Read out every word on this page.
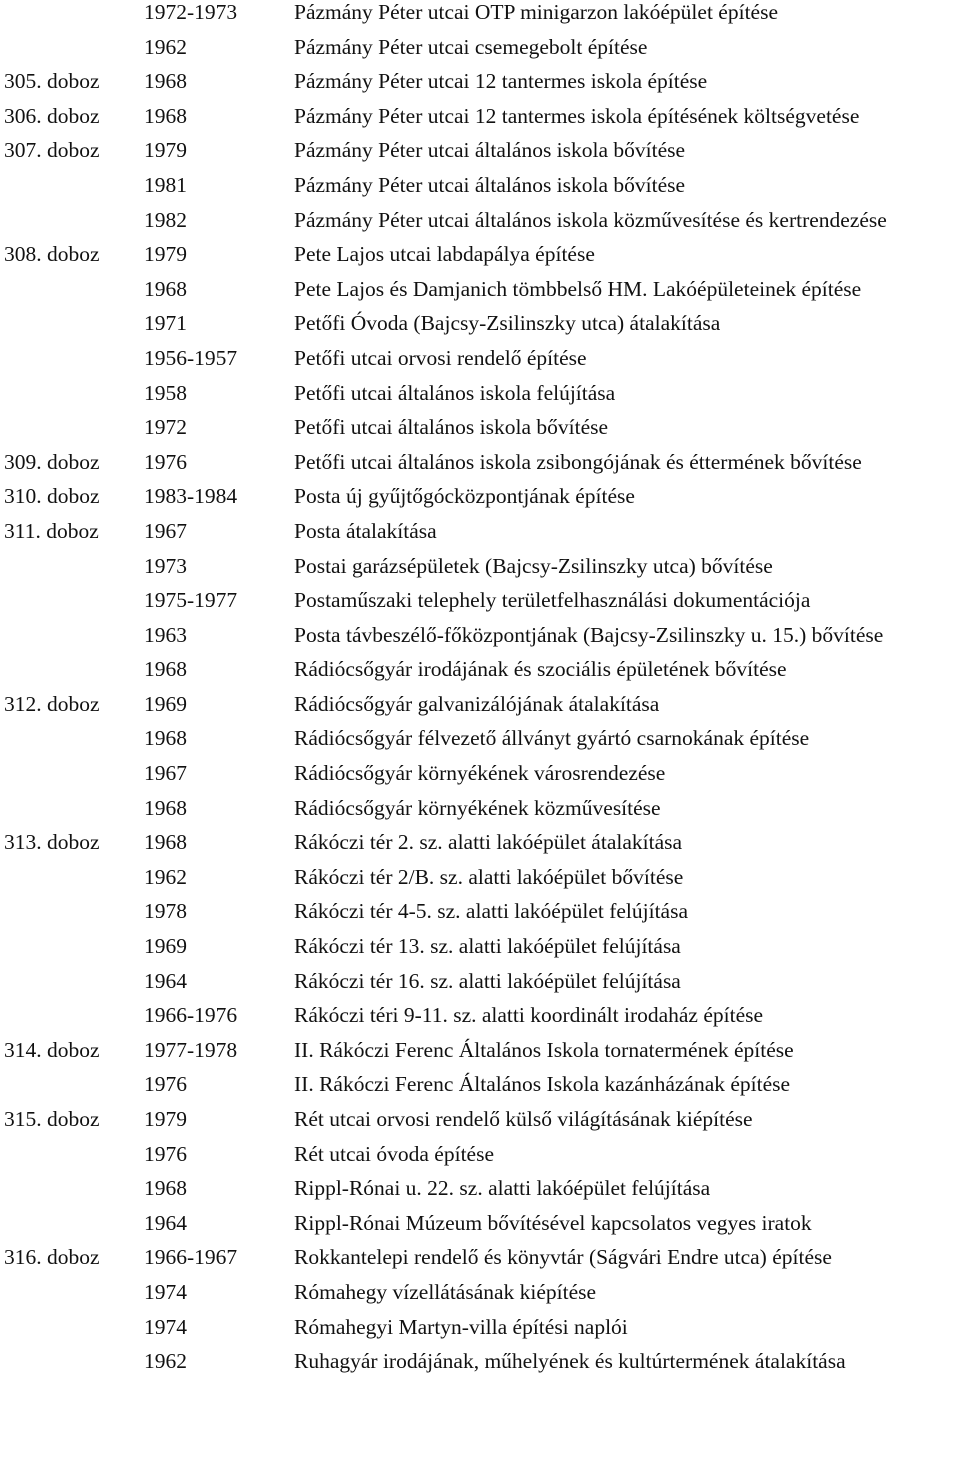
1972-1973	Pázmány Péter utcai OTP minigarzon lakóépület építése
1962	Pázmány Péter utcai csemegebolt építése
305. doboz	1968	Pázmány Péter utcai 12 tantermes iskola építése
306. doboz	1968	Pázmány Péter utcai 12 tantermes iskola építésének költségvetése
307. doboz	1979	Pázmány Péter utcai általános iskola bővítése
1981	Pázmány Péter utcai általános iskola bővítése
1982	Pázmány Péter utcai általános iskola közművesítése és kertrendezése
308. doboz	1979	Pete Lajos utcai labdapálya építése
1968	Pete Lajos és Damjanich tömbbelső HM. Lakóépületeinek építése
1971	Petőfi Óvoda (Bajcsy-Zsilinszky utca) átalakítása
1956-1957	Petőfi utcai orvosi rendelő építése
1958	Petőfi utcai általános iskola felújítása
1972	Petőfi utcai általános iskola bővítése
309. doboz	1976	Petőfi utcai általános iskola zsibongójának és éttermének bővítése
310. doboz	1983-1984	Posta új gyűjtőgócközpontjának építése
311. doboz	1967	Posta átalakítása
1973	Postai garázsépületek (Bajcsy-Zsilinszky utca) bővítése
1975-1977	Postaműszaki telephely területfelhasználási dokumentációja
1963	Posta távbeszélő-főközpontjának (Bajcsy-Zsilinszky u. 15.) bővítése
1968	Rádiócsőgyár irodájának és szociális épületének bővítése
312. doboz	1969	Rádiócsőgyár galvanizálójának átalakítása
1968	Rádiócsőgyár félvezető állványt gyártó csarnokának építése
1967	Rádiócsőgyár környékének városrendezése
1968	Rádiócsőgyár környékének közművesítése
313. doboz	1968	Rákóczi tér 2. sz. alatti lakóépület átalakítása
1962	Rákóczi tér 2/B. sz. alatti lakóépület bővítése
1978	Rákóczi tér 4-5. sz. alatti lakóépület felújítása
1969	Rákóczi tér 13. sz. alatti lakóépület felújítása
1964	Rákóczi tér 16. sz. alatti lakóépület felújítása
1966-1976	Rákóczi téri 9-11. sz. alatti koordinált irodaház építése
314. doboz	1977-1978	II. Rákóczi Ferenc Általános Iskola tornatermének építése
1976	II. Rákóczi Ferenc Általános Iskola kazánházának építése
315. doboz	1979	Rét utcai orvosi rendelő külső világításának kiépítése
1976	Rét utcai óvoda építése
1968	Rippl-Rónai u. 22. sz. alatti lakóépület felújítása
1964	Rippl-Rónai Múzeum bővítésével kapcsolatos vegyes iratok
316. doboz	1966-1967	Rokkantelepi rendelő és könyvtár (Ságvári Endre utca) építése
1974	Rómahegy vízellátásának kiépítése
1974	Rómahegyi Martyn-villa építési naplói
1962	Ruhagyár irodájának, műhelyének és kultúrtermének átalakítása
